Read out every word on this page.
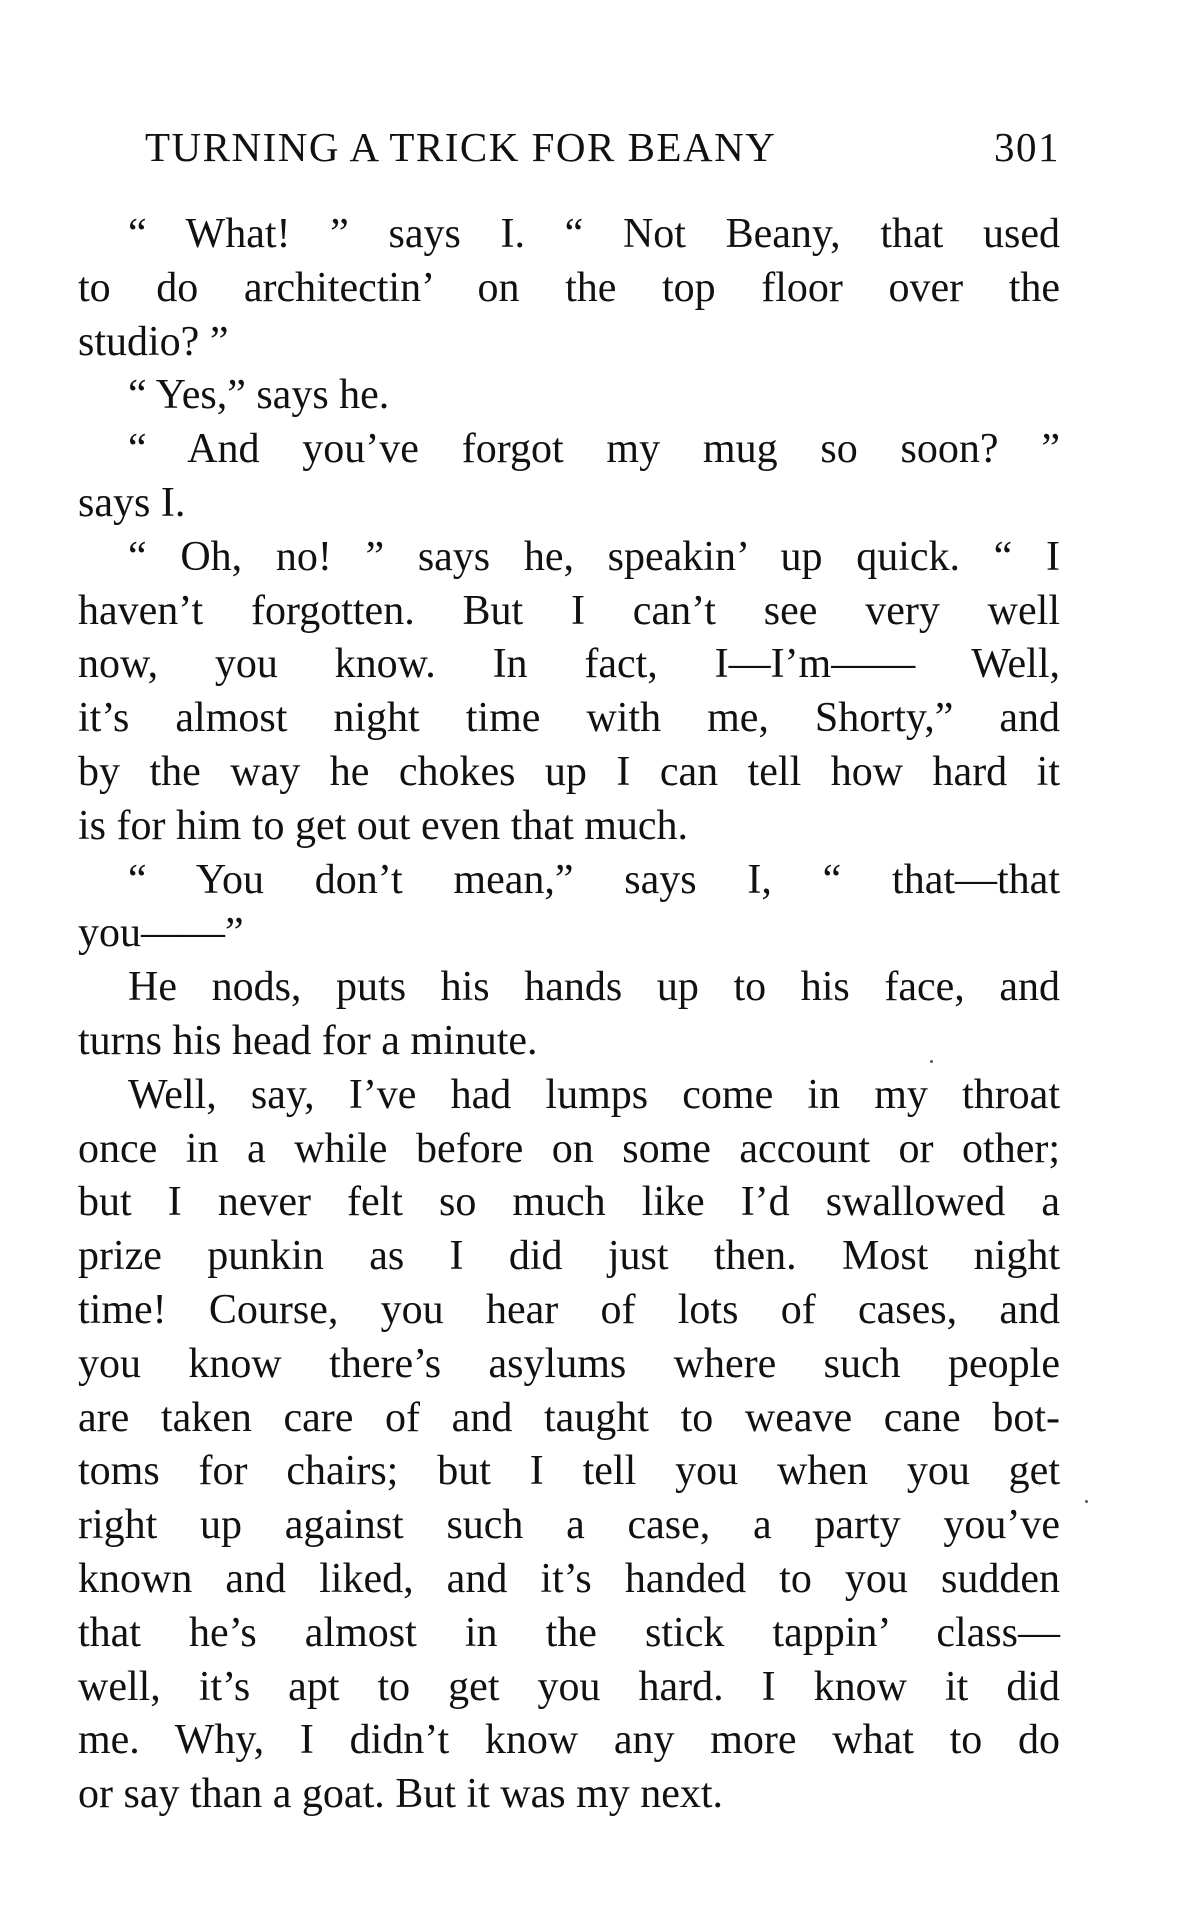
TURNING A TRICK FOR BEANY	301
“ What! ” says I. “ Not Beany, that used
to do architectin’ on the top floor over the
studio? ”
“ Yes,” says he.
“ And you’ve forgot my mug so soon? ”
says I.
“ Oh, no! ” says he, speakin’ up quick. “ I
haven’t forgotten. But I can’t see very well
now, you know. In fact, I—I’m—— Well,
it’s almost night time with me, Shorty,” and
by the way he chokes up I can tell how hard it
is for him to get out even that much.
“ You don’t mean,” says I, “ that—that
you——”
He nods, puts his hands up to his face, and
turns his head for a minute.
Well, say, I’ve had lumps come in my throat
once in a while before on some account or other;
but I never felt so much like I’d swallowed a
prize punkin as I did just then. Most night
time! Course, you hear of lots of cases, and
you know there’s asylums where such people
are taken care of and taught to weave cane bot-
toms for chairs; but I tell you when you get
right up against such a case, a party you’ve
known and liked, and it’s handed to you sudden
that he’s almost in the stick tappin’ class—
well, it’s apt to get you hard. I know it did
me. Why, I didn’t know any more what to do
or say than a goat. But it was my next.
